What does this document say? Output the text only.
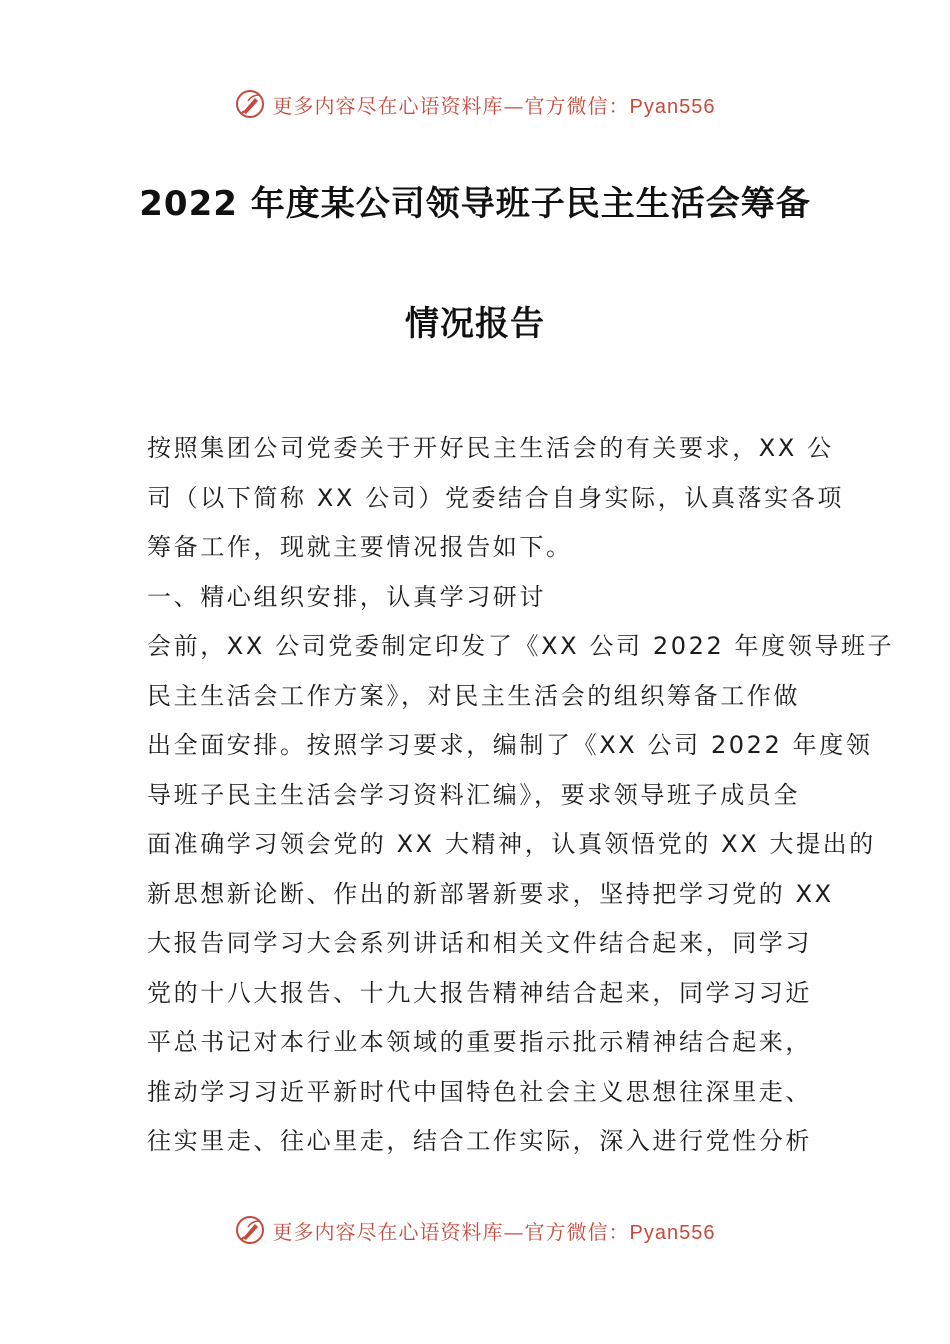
更多内容尽在心语资料库—官方微信：Pyan556
2022 年度某公司领导班子民主生活会筹备
情况报告
按照集团公司党委关于开好民主生活会的有关要求，XX 公
司（以下简称 XX 公司）党委结合自身实际，认真落实各项
筹备工作，现就主要情况报告如下。
一、精心组织安排，认真学习研讨
会前，XX 公司党委制定印发了《XX 公司 2022 年度领导班子
民主生活会工作方案》，对民主生活会的组织筹备工作做
出全面安排。按照学习要求，编制了《XX 公司 2022 年度领
导班子民主生活会学习资料汇编》，要求领导班子成员全
面准确学习领会党的 XX 大精神，认真领悟党的 XX 大提出的
新思想新论断、作出的新部署新要求，坚持把学习党的 XX
大报告同学习大会系列讲话和相关文件结合起来，同学习
党的十八大报告、十九大报告精神结合起来，同学习习近
平总书记对本行业本领域的重要指示批示精神结合起来，
推动学习习近平新时代中国特色社会主义思想往深里走、
往实里走、往心里走，结合工作实际，深入进行党性分析
更多内容尽在心语资料库—官方微信：Pyan556
